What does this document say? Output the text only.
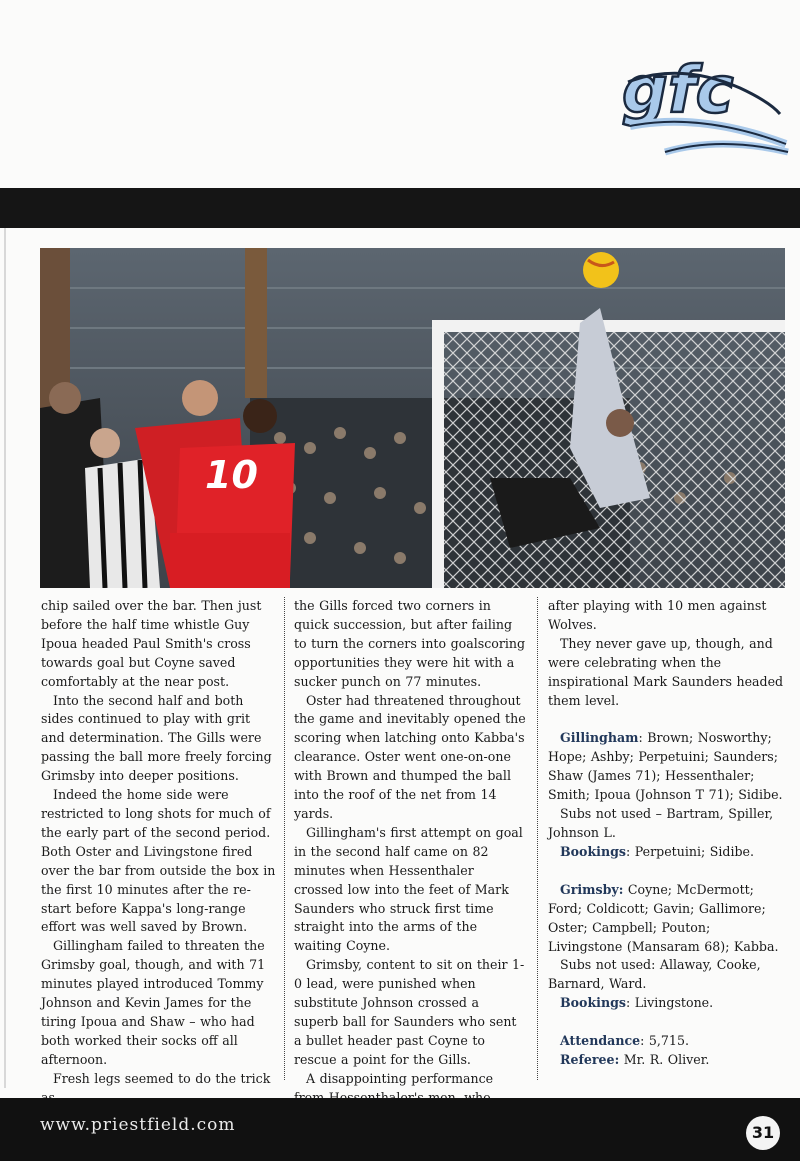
gfc
10

chip sailed over the bar. Then just before the half time whistle Guy Ipoua headed Paul Smith's cross towards goal but Coyne saved comfortably at the near post.

Into the second half and both sides continued to play with grit and determination. The Gills were passing the ball more freely forcing Grimsby into deeper positions.

Indeed the home side were restricted to long shots for much of the early part of the second period. Both Oster and Livingstone fired over the bar from outside the box in the first 10 minutes after the re-start before Kappa's long-range effort was well saved by Brown.

Gillingham failed to threaten the Grimsby goal, though, and with 71 minutes played introduced Tommy Johnson and Kevin James for the tiring Ipoua and Shaw – who had both worked their socks off all afternoon.

Fresh legs seemed to do the trick

the Gills forced two corners in quick succession, but after failing to turn the corners into goalscoring opportunities they were hit with a sucker punch on 77 minutes.

Oster had threatened throughout the game and inevitably opened the scoring when latching onto Kabba's clearance. Oster went one-on-one with Brown and thumped the ball into the roof of the net from 14 yards.

Gillingham's first attempt on goal in the second half came on 82 minutes when Hessenthaler crossed low into the feet of Mark Saunders who struck first time straight into the arms of the waiting Coyne.

Grimsby, content to sit on their 1-0 lead, were punished when substitute Johnson crossed a superb ball for Saunders who sent a bullet header past Coyne to rescue a point for the Gills.

A disappointing performance

after playing with 10 men against Wolves.

They never gave up, though, and were celebrating when the inspirational Mark Saunders headed them level.

Gillingham: Brown; Nosworthy; Hope; Ashby; Perpetuini; Saunders; Shaw (James 71); Hessenthaler; Smith; Ipoua (Johnson T 71); Sidibe.

Subs not used – Bartram, Spiller, Johnson L.

Bookings: Perpetuini; Sidibe.

Grimsby: Coyne; McDermott; Ford; Coldicott; Gavin; Gallimore; Oster; Campbell; Pouton; Livingstone (Mansaram 68); Kabba.

Subs not used: Allaway, Cooke, Barnard, Ward.

Bookings: Livingstone.

Attendance: 5,715.

Referee: Mr. R. Oliver.

www.priestfield.com	31
